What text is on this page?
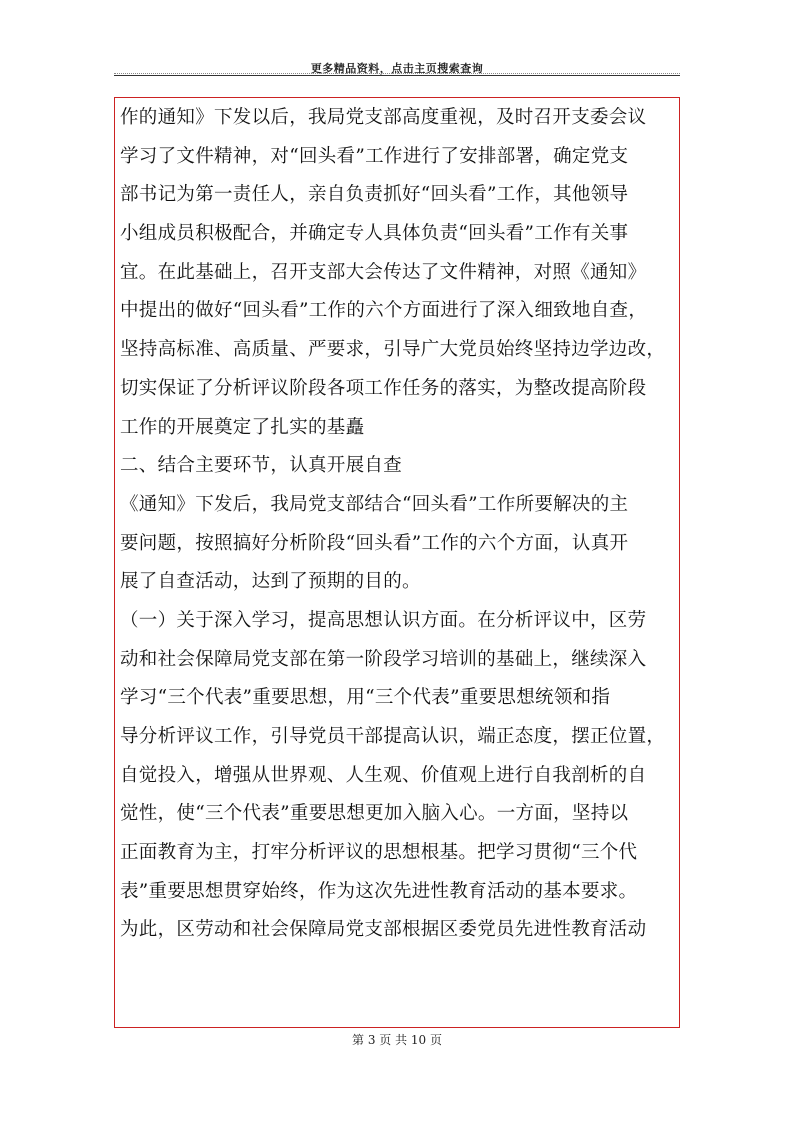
更多精品资料，点击主页搜索查询
作的通知》下发以后，我局党支部高度重视，及时召开支委会议
学习了文件精神，对“回头看”工作进行了安排部署，确定党支
部书记为第一责任人，亲自负责抓好“回头看”工作，其他领导
小组成员积极配合，并确定专人具体负责“回头看”工作有关事
宜。在此基础上，召开支部大会传达了文件精神，对照《通知》
中提出的做好“回头看”工作的六个方面进行了深入细致地自查，
坚持高标准、高质量、严要求，引导广大党员始终坚持边学边改，
切实保证了分析评议阶段各项工作任务的落实，为整改提高阶段
工作的开展奠定了扎实的基矗
二、结合主要环节，认真开展自查
《通知》下发后，我局党支部结合“回头看”工作所要解决的主
要问题，按照搞好分析阶段“回头看”工作的六个方面，认真开
展了自查活动，达到了预期的目的。
（一）关于深入学习，提高思想认识方面。在分析评议中，区劳
动和社会保障局党支部在第一阶段学习培训的基础上，继续深入
学习“三个代表”重要思想，用“三个代表”重要思想统领和指
导分析评议工作，引导党员干部提高认识，端正态度，摆正位置，
自觉投入，增强从世界观、人生观、价值观上进行自我剖析的自
觉性，使“三个代表”重要思想更加入脑入心。一方面，坚持以
正面教育为主，打牢分析评议的思想根基。把学习贯彻“三个代
表”重要思想贯穿始终，作为这次先进性教育活动的基本要求。
为此，区劳动和社会保障局党支部根据区委党员先进性教育活动
第 3 页 共 10 页
